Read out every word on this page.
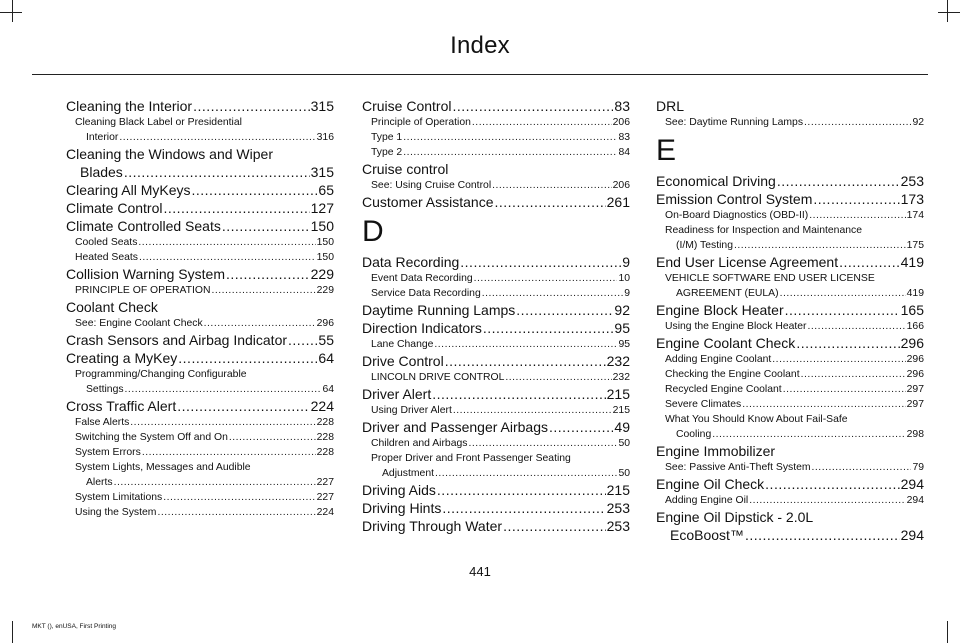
Index
Cleaning the Interior .....	315
Cleaning Black Label or Presidential
Interior .....	316
Cleaning the Windows and Wiper
Blades .....	315
Clearing All MyKeys .....	65
Climate Control .....	127
Climate Controlled Seats .....	150
Cooled Seats .....	150
Heated Seats .....	150
Collision Warning System .....	229
PRINCIPLE OF OPERATION .....	229
Coolant Check
See: Engine Coolant Check .....	296
Crash Sensors and Airbag Indicator ..... 55
Creating a MyKey .....	64
Programming/Changing Configurable
Settings .....	64
Cross Traffic Alert .....	224
False Alerts .....	228
Switching the System Off and On .....	228
System Errors .....	228
System Lights, Messages and Audible
Alerts .....	227
System Limitations .....	227
Using the System .....	224
Cruise Control .....	83
Principle of Operation .....	206
Type 1 .....	83
Type 2 .....	84
Cruise control
See: Using Cruise Control .....	206
Customer Assistance .....	261
D
Data Recording .....	9
Event Data Recording .....	10
Service Data Recording .....	9
Daytime Running Lamps .....	92
Direction Indicators .....	95
Lane Change .....	95
Drive Control .....	232
LINCOLN DRIVE CONTROL .....	232
Driver Alert .....	215
Using Driver Alert .....	215
Driver and Passenger Airbags .....	49
Children and Airbags .....	50
Proper Driver and Front Passenger Seating
Adjustment .....	50
Driving Aids .....	215
Driving Hints .....	253
Driving Through Water .....	253
DRL
See: Daytime Running Lamps .....	92
E
Economical Driving .....	253
Emission Control System .....	173
On-Board Diagnostics (OBD-II) .....	174
Readiness for Inspection and Maintenance
(I/M) Testing .....	175
End User License Agreement .....	419
VEHICLE SOFTWARE END USER LICENSE
AGREEMENT (EULA) .....	419
Engine Block Heater .....	165
Using the Engine Block Heater .....	166
Engine Coolant Check .....	296
Adding Engine Coolant .....	296
Checking the Engine Coolant .....	296
Recycled Engine Coolant .....	297
Severe Climates .....	297
What You Should Know About Fail-Safe
Cooling .....	298
Engine Immobilizer
See: Passive Anti-Theft System .....	79
Engine Oil Check .....	294
Adding Engine Oil .....	294
Engine Oil Dipstick - 2.0L
EcoBoost™ .....	294
441
MKT (), enUSA, First Printing
